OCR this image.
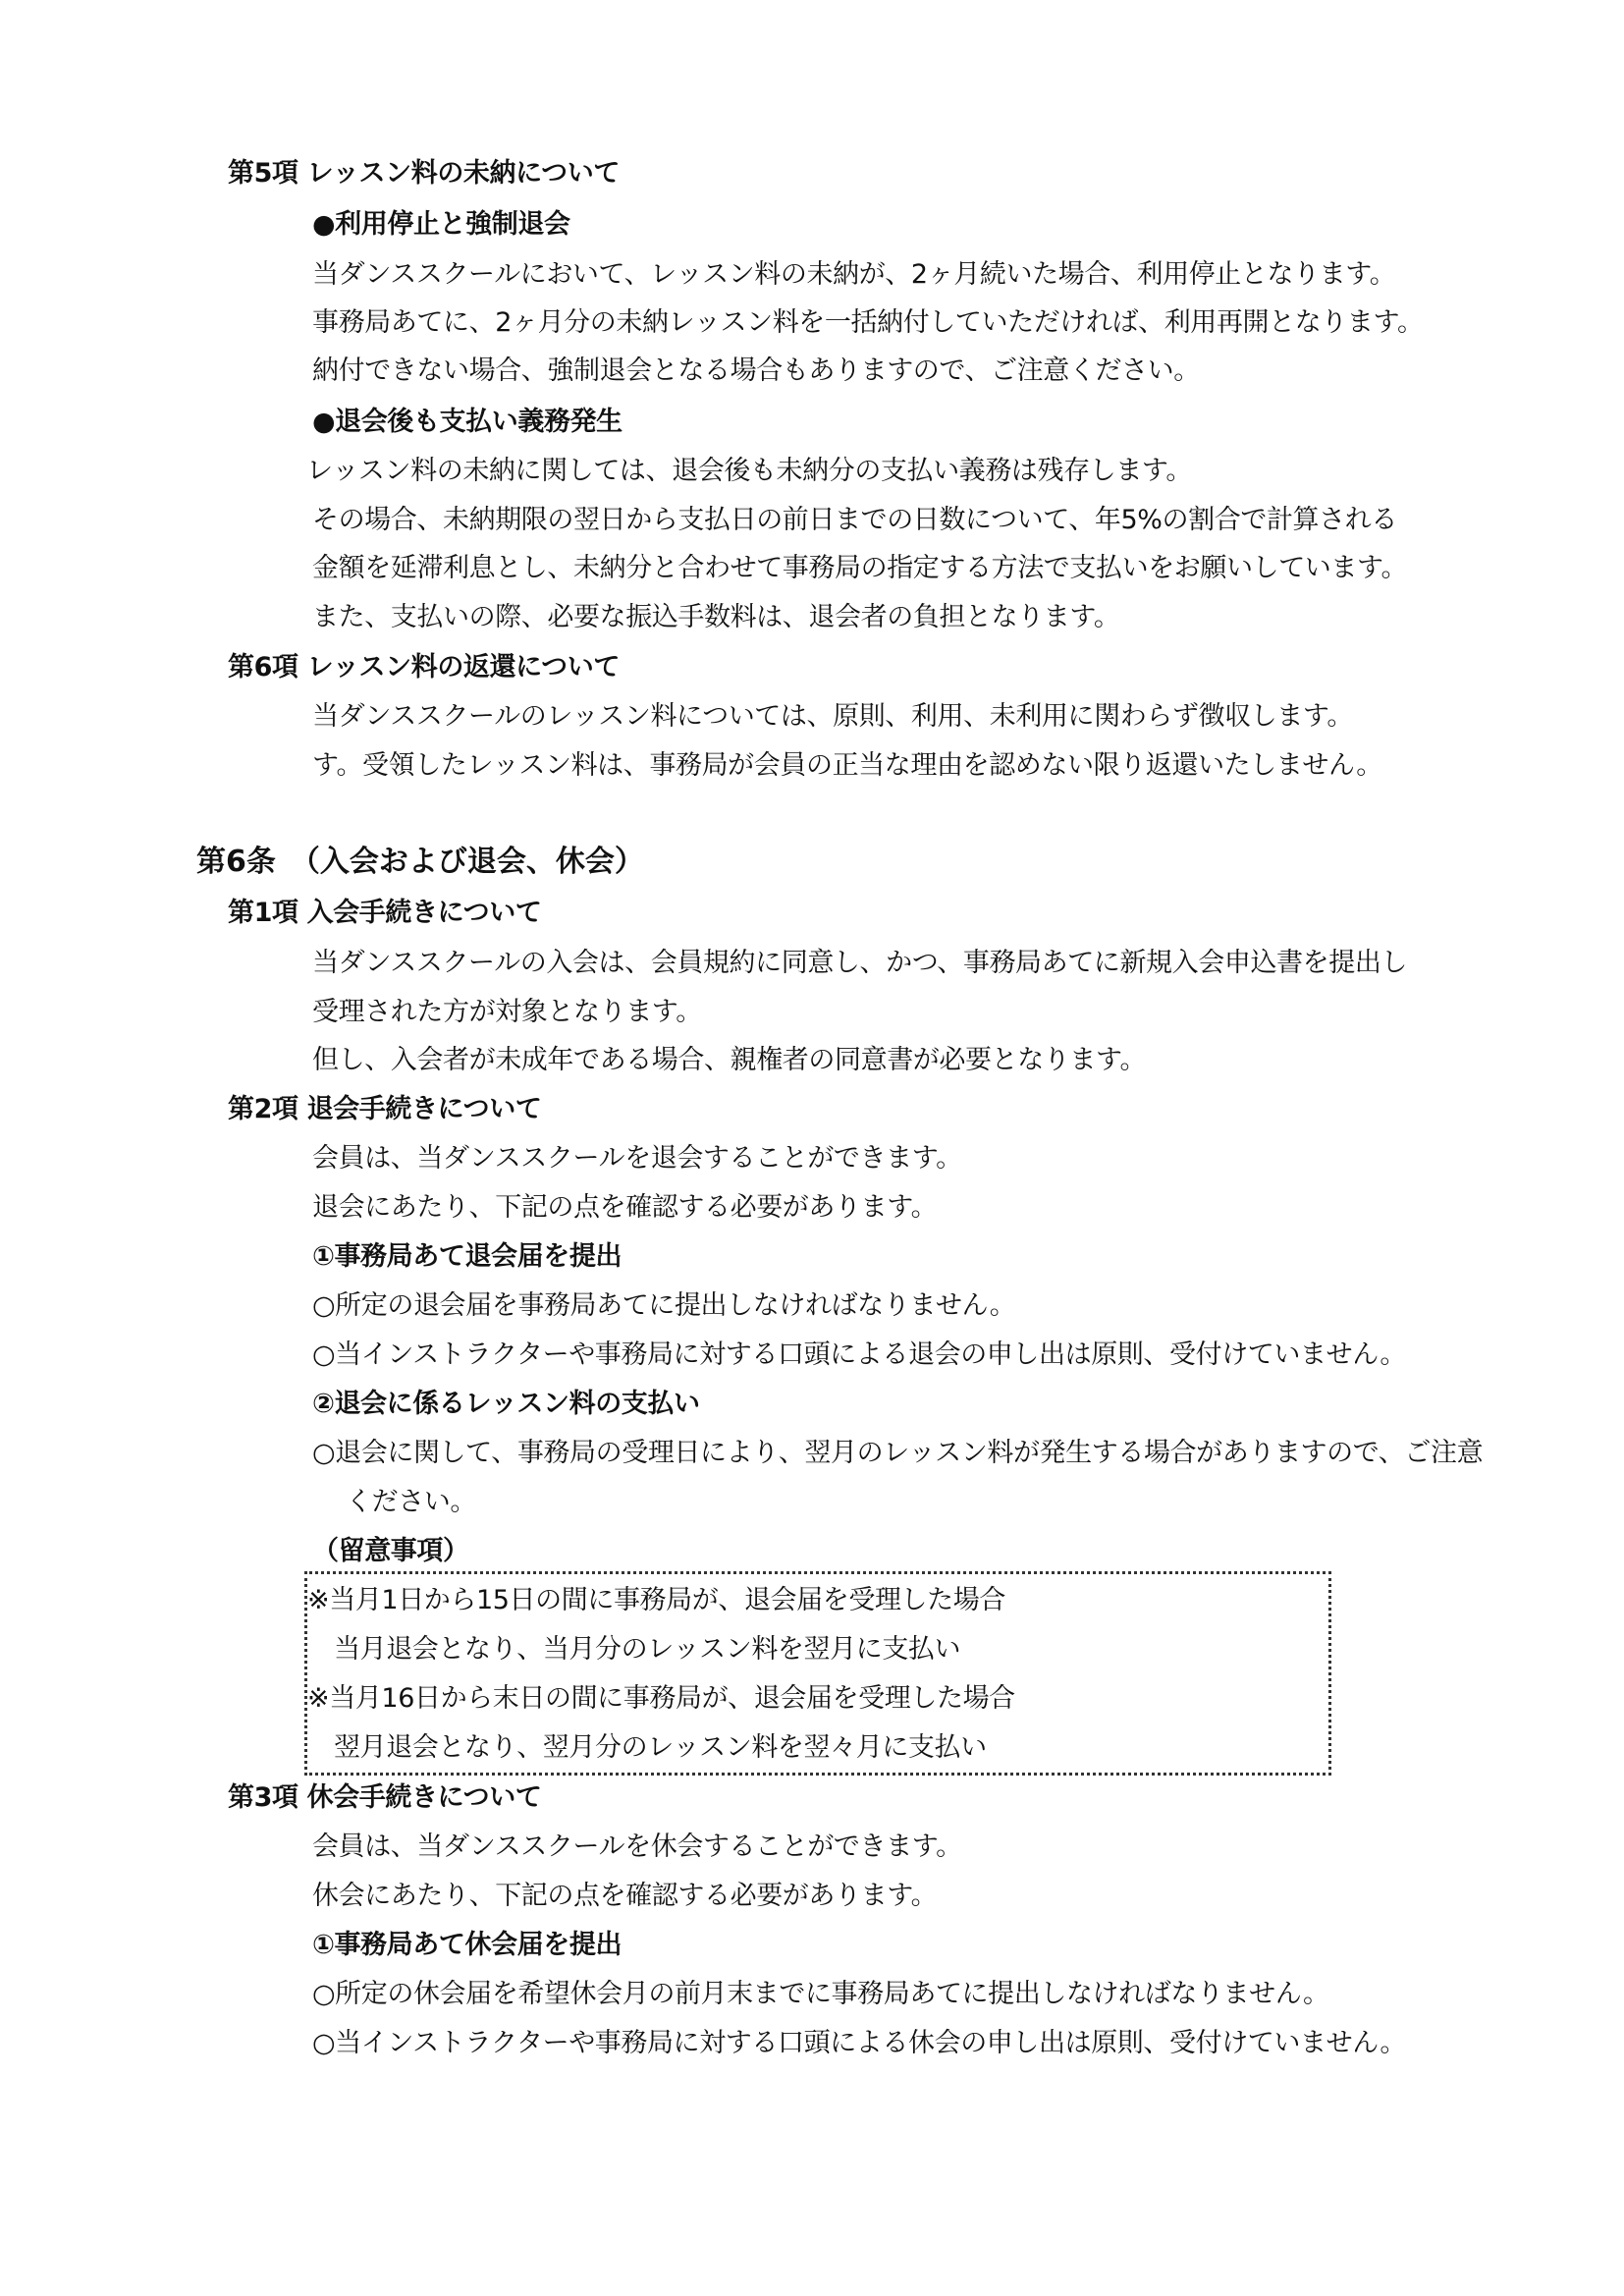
第5項 レッスン料の未納について
●利用停止と強制退会
当ダンススクールにおいて、レッスン料の未納が、2ヶ月続いた場合、利用停止となります。
事務局あてに、2ヶ月分の未納レッスン料を一括納付していただければ、利用再開となります。
納付できない場合、強制退会となる場合もありますので、ご注意ください。
●退会後も支払い義務発生
レッスン料の未納に関しては、退会後も未納分の支払い義務は残存します。
その場合、未納期限の翌日から支払日の前日までの日数について、年5%の割合で計算される
金額を延滞利息とし、未納分と合わせて事務局の指定する方法で支払いをお願いしています。
また、支払いの際、必要な振込手数料は、退会者の負担となります。
第6項 レッスン料の返還について
当ダンススクールのレッスン料については、原則、利用、未利用に関わらず徴収します。
す。受領したレッスン料は、事務局が会員の正当な理由を認めない限り返還いたしません。
第6条　（入会および退会、休会）
第1項 入会手続きについて
当ダンススクールの入会は、会員規約に同意し、かつ、事務局あてに新規入会申込書を提出し
受理された方が対象となります。
但し、入会者が未成年である場合、親権者の同意書が必要となります。
第2項 退会手続きについて
会員は、当ダンススクールを退会することができます。
退会にあたり、下記の点を確認する必要があります。
①事務局あて退会届を提出
○所定の退会届を事務局あてに提出しなければなりません。
○当インストラクターや事務局に対する口頭による退会の申し出は原則、受付けていません。
②退会に係るレッスン料の支払い
○退会に関して、事務局の受理日により、翌月のレッスン料が発生する場合がありますので、ご注意
ください。
（留意事項）
※当月1日から15日の間に事務局が、退会届を受理した場合
当月退会となり、当月分のレッスン料を翌月に支払い
※当月16日から末日の間に事務局が、退会届を受理した場合
翌月退会となり、翌月分のレッスン料を翌々月に支払い
第3項 休会手続きについて
会員は、当ダンススクールを休会することができます。
休会にあたり、下記の点を確認する必要があります。
①事務局あて休会届を提出
○所定の休会届を希望休会月の前月末までに事務局あてに提出しなければなりません。
○当インストラクターや事務局に対する口頭による休会の申し出は原則、受付けていません。
